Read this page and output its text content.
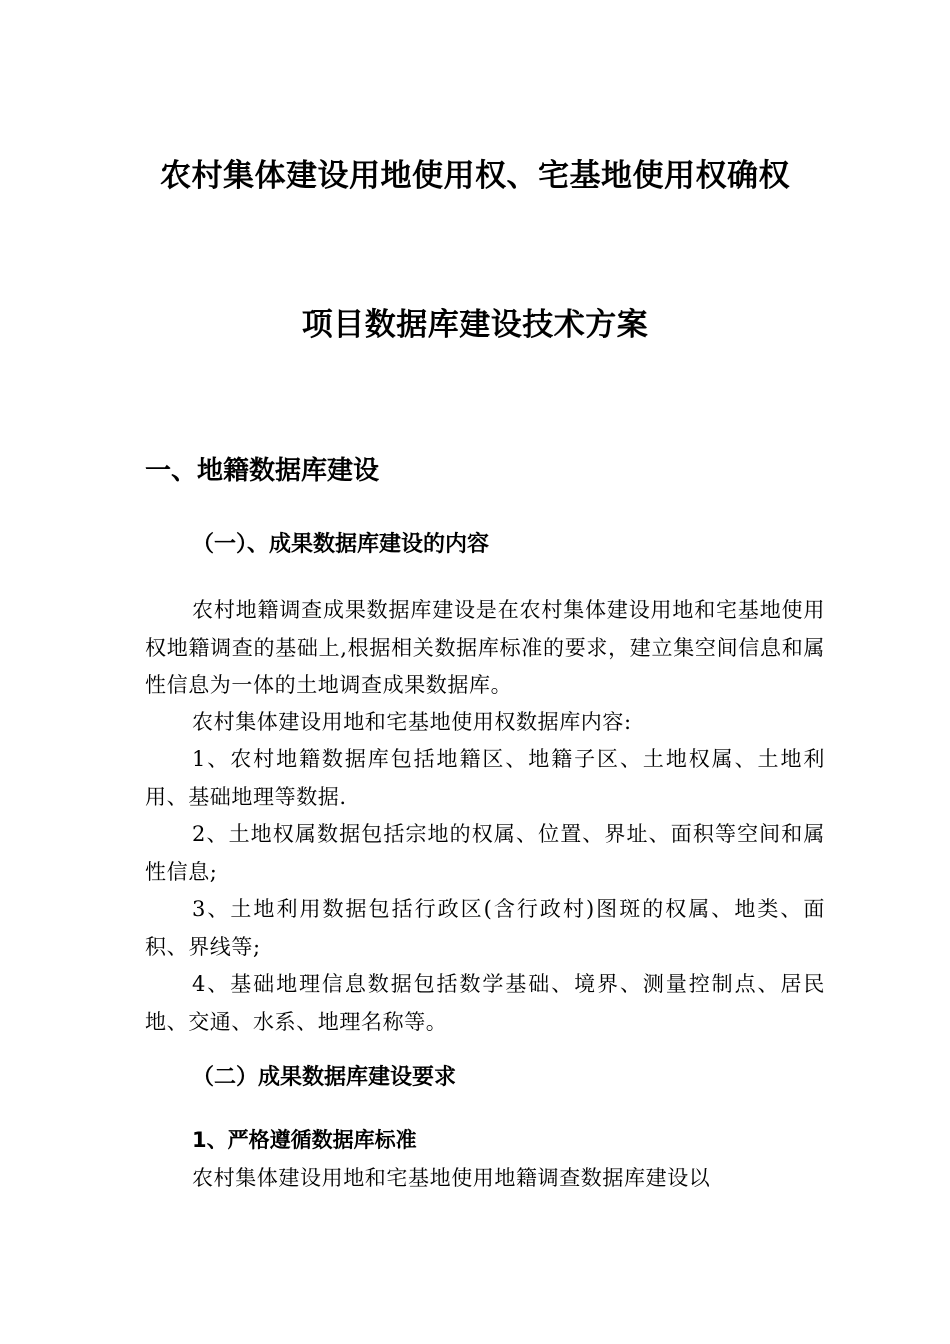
农村集体建设用地使用权、宅基地使用权确权
项目数据库建设技术方案
一、地籍数据库建设
（一）、成果数据库建设的内容

农村地籍调查成果数据库建设是在农村集体建设用地和宅基地使用权地籍调查的基础上,根据相关数据库标准的要求，建立集空间信息和属性信息为一体的土地调查成果数据库。

农村集体建设用地和宅基地使用权数据库内容:

1、农村地籍数据库包括地籍区、地籍子区、土地权属、土地利用、基础地理等数据.

2、土地权属数据包括宗地的权属、位置、界址、面积等空间和属性信息;

3、土地利用数据包括行政区(含行政村)图斑的权属、地类、面积、界线等;

4、基础地理信息数据包括数学基础、境界、测量控制点、居民地、交通、水系、地理名称等。

（二）成果数据库建设要求
1、严格遵循数据库标准

农村集体建设用地和宅基地使用地籍调查数据库建设以
